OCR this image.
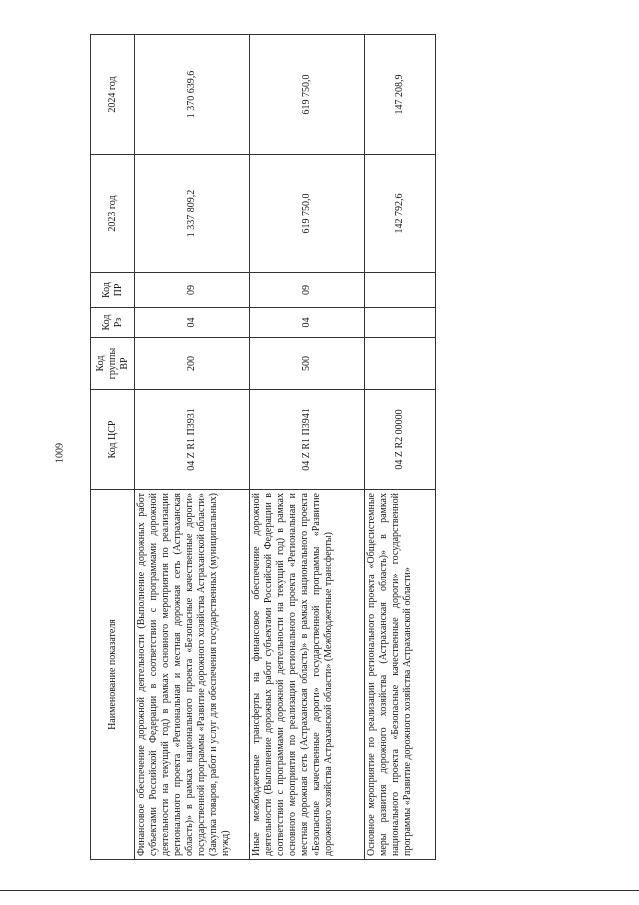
1009
Наименование показателя	Код ЦСР	Код группы ВР	Код Рз	Код ПР	2023 год	2024 год
Финансовое обеспечение дорожной деятельности (Выполнение дорожных работ субъектами Российской Федерации в соответствии с программами дорожной деятельности на текущий год) в рамках основного мероприятия по реализации регионального проекта «Региональная и местная дорожная сеть (Астраханская область)» в рамках национального проекта «Безопасные качественные дороги» государственной программы «Развитие дорожного хозяйства Астраханской области» (Закупка товаров, работ и услуг для обеспечения государственных (муниципальных) нужд)	04 Z R1 П3931	200	04	09	1 337 809,2	1 370 639,6
Иные межбюджетные трансферты на финансовое обеспечение дорожной деятельности (Выполнение дорожных работ субъектами Российской Федерации в соответствии с программами дорожной деятельности на текущий год) в рамках основного мероприятия по реализации регионального проекта «Региональная и местная дорожная сеть (Астраханская область)» в рамках национального проекта «Безопасные качественные дороги» государственной программы «Развитие дорожного хозяйства Астраханской области» (Межбюджетные трансферты)	04 Z R1 П3941	500	04	09	619 750,0	619 750,0
Основное мероприятие по реализации регионального проекта «Общесистемные меры развития дорожного хозяйства (Астраханская область)» в рамках национального проекта «Безопасные качественные дороги» государственной программы «Развитие дорожного хозяйства Астраханской области»	04 Z R2 00000				142 792,6	147 208,9
